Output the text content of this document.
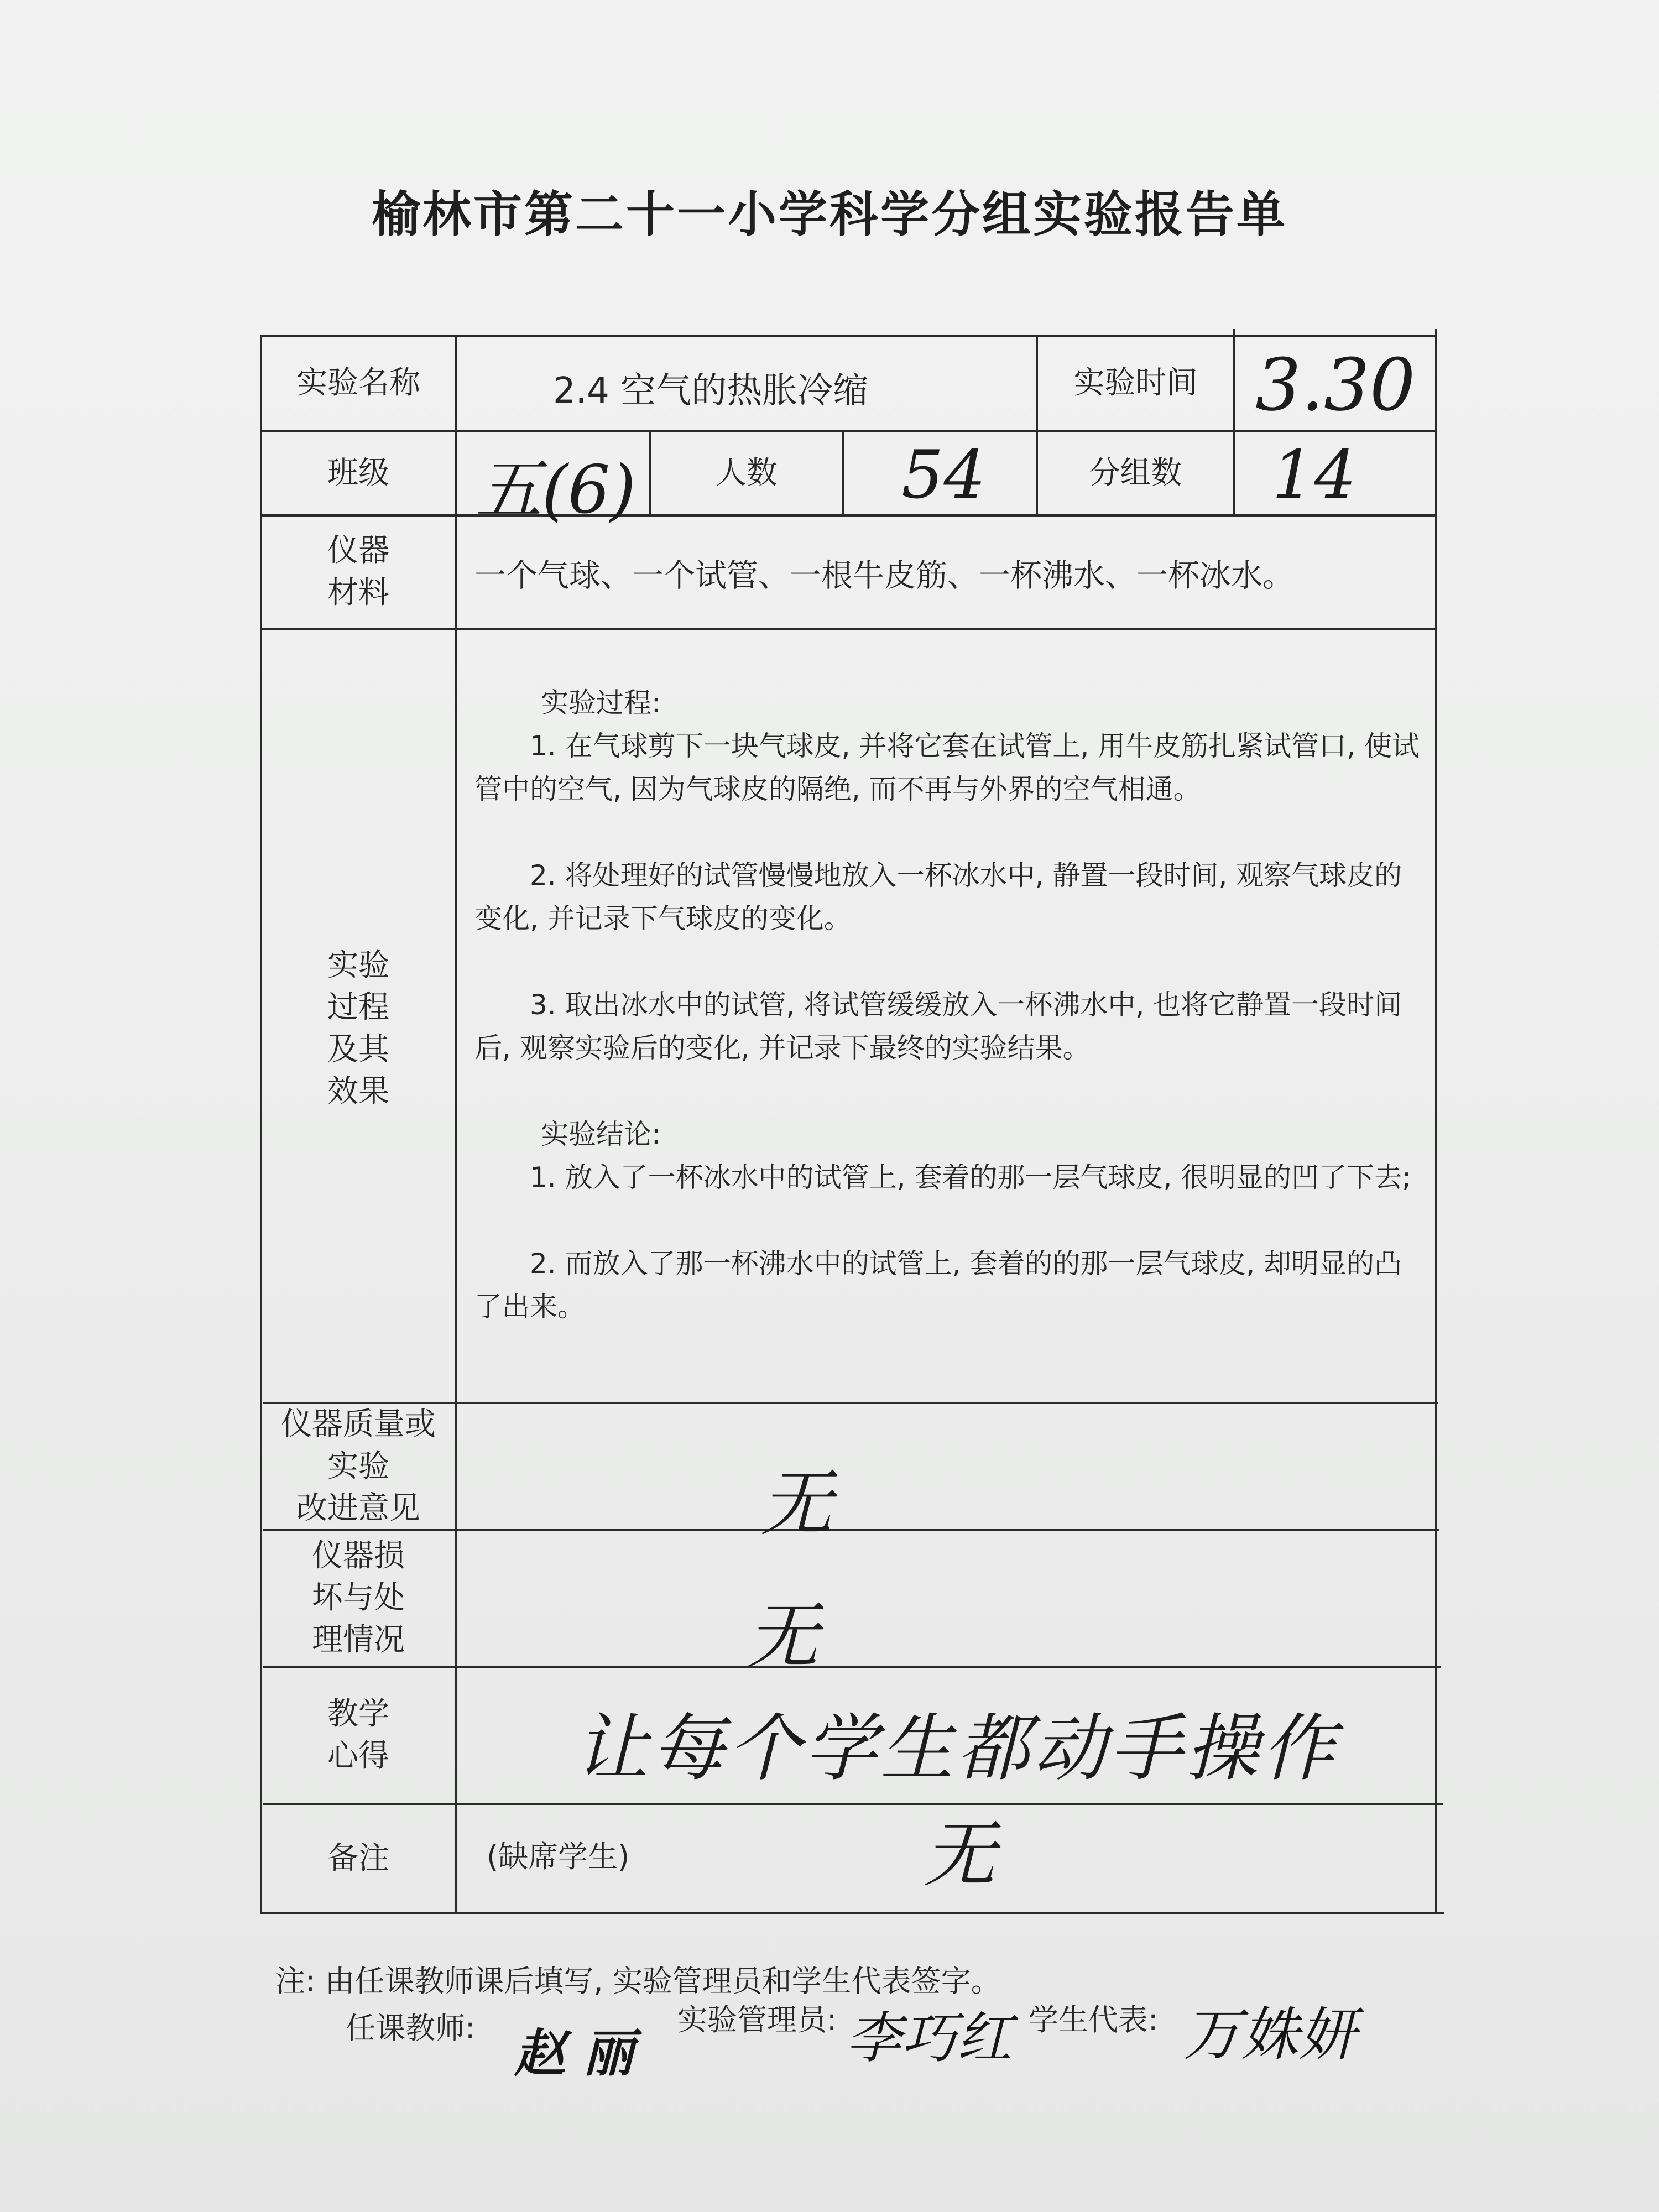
榆林市第二十一小学科学分组实验报告单
实验名称	2.4 空气的热胀冷缩	实验时间 3.30
班级 五(6)	人数 54	分组数 14
仪器
材料	一个气球、一个试管、一根牛皮筋、一杯沸水、一杯冰水。
实验
过程
及其
效果

实验过程:

1. 在气球剪下一块气球皮, 并将它套在试管上, 用牛皮筋扎紧试管口, 使试管中的空气, 因为气球皮的隔绝, 而不再与外界的空气相通。

2. 将处理好的试管慢慢地放入一杯冰水中, 静置一段时间, 观察气球皮的变化, 并记录下气球皮的变化。

3. 取出冰水中的试管, 将试管缓缓放入一杯沸水中, 也将它静置一段时间后, 观察实验后的变化, 并记录下最终的实验结果。

实验结论:

1. 放入了一杯冰水中的试管上, 套着的那一层气球皮, 很明显的凹了下去;

2. 而放入了那一杯沸水中的试管上, 套着的的那一层气球皮, 却明显的凸了出来。

仪器质量或
实验
改进意见	无
仪器损
坏与处
理情况	无
教学
心得	让每个学生都动手操作
备注	(缺席学生)	无
注: 由任课教师课后填写, 实验管理员和学生代表签字。
任课教师: 赵 丽
实验管理员: 李巧红 学生代表: 万姝妍
